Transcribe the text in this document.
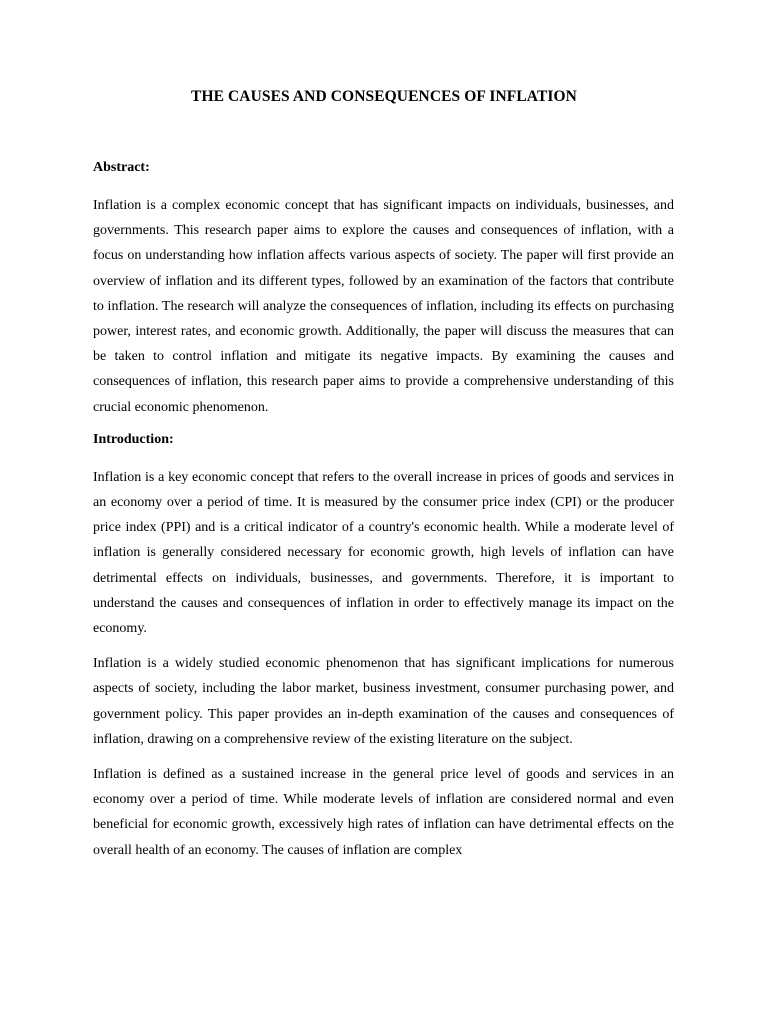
THE CAUSES AND CONSEQUENCES OF INFLATION
Abstract:

Inflation is a complex economic concept that has significant impacts on individuals, businesses, and governments. This research paper aims to explore the causes and consequences of inflation, with a focus on understanding how inflation affects various aspects of society. The paper will first provide an overview of inflation and its different types, followed by an examination of the factors that contribute to inflation. The research will analyze the consequences of inflation, including its effects on purchasing power, interest rates, and economic growth. Additionally, the paper will discuss the measures that can be taken to control inflation and mitigate its negative impacts. By examining the causes and consequences of inflation, this research paper aims to provide a comprehensive understanding of this crucial economic phenomenon.

Introduction:

Inflation is a key economic concept that refers to the overall increase in prices of goods and services in an economy over a period of time. It is measured by the consumer price index (CPI) or the producer price index (PPI) and is a critical indicator of a country's economic health. While a moderate level of inflation is generally considered necessary for economic growth, high levels of inflation can have detrimental effects on individuals, businesses, and governments. Therefore, it is important to understand the causes and consequences of inflation in order to effectively manage its impact on the economy.

Inflation is a widely studied economic phenomenon that has significant implications for numerous aspects of society, including the labor market, business investment, consumer purchasing power, and government policy. This paper provides an in-depth examination of the causes and consequences of inflation, drawing on a comprehensive review of the existing literature on the subject.

Inflation is defined as a sustained increase in the general price level of goods and services in an economy over a period of time. While moderate levels of inflation are considered normal and even beneficial for economic growth, excessively high rates of inflation can have detrimental effects on the overall health of an economy. The causes of inflation are complex
